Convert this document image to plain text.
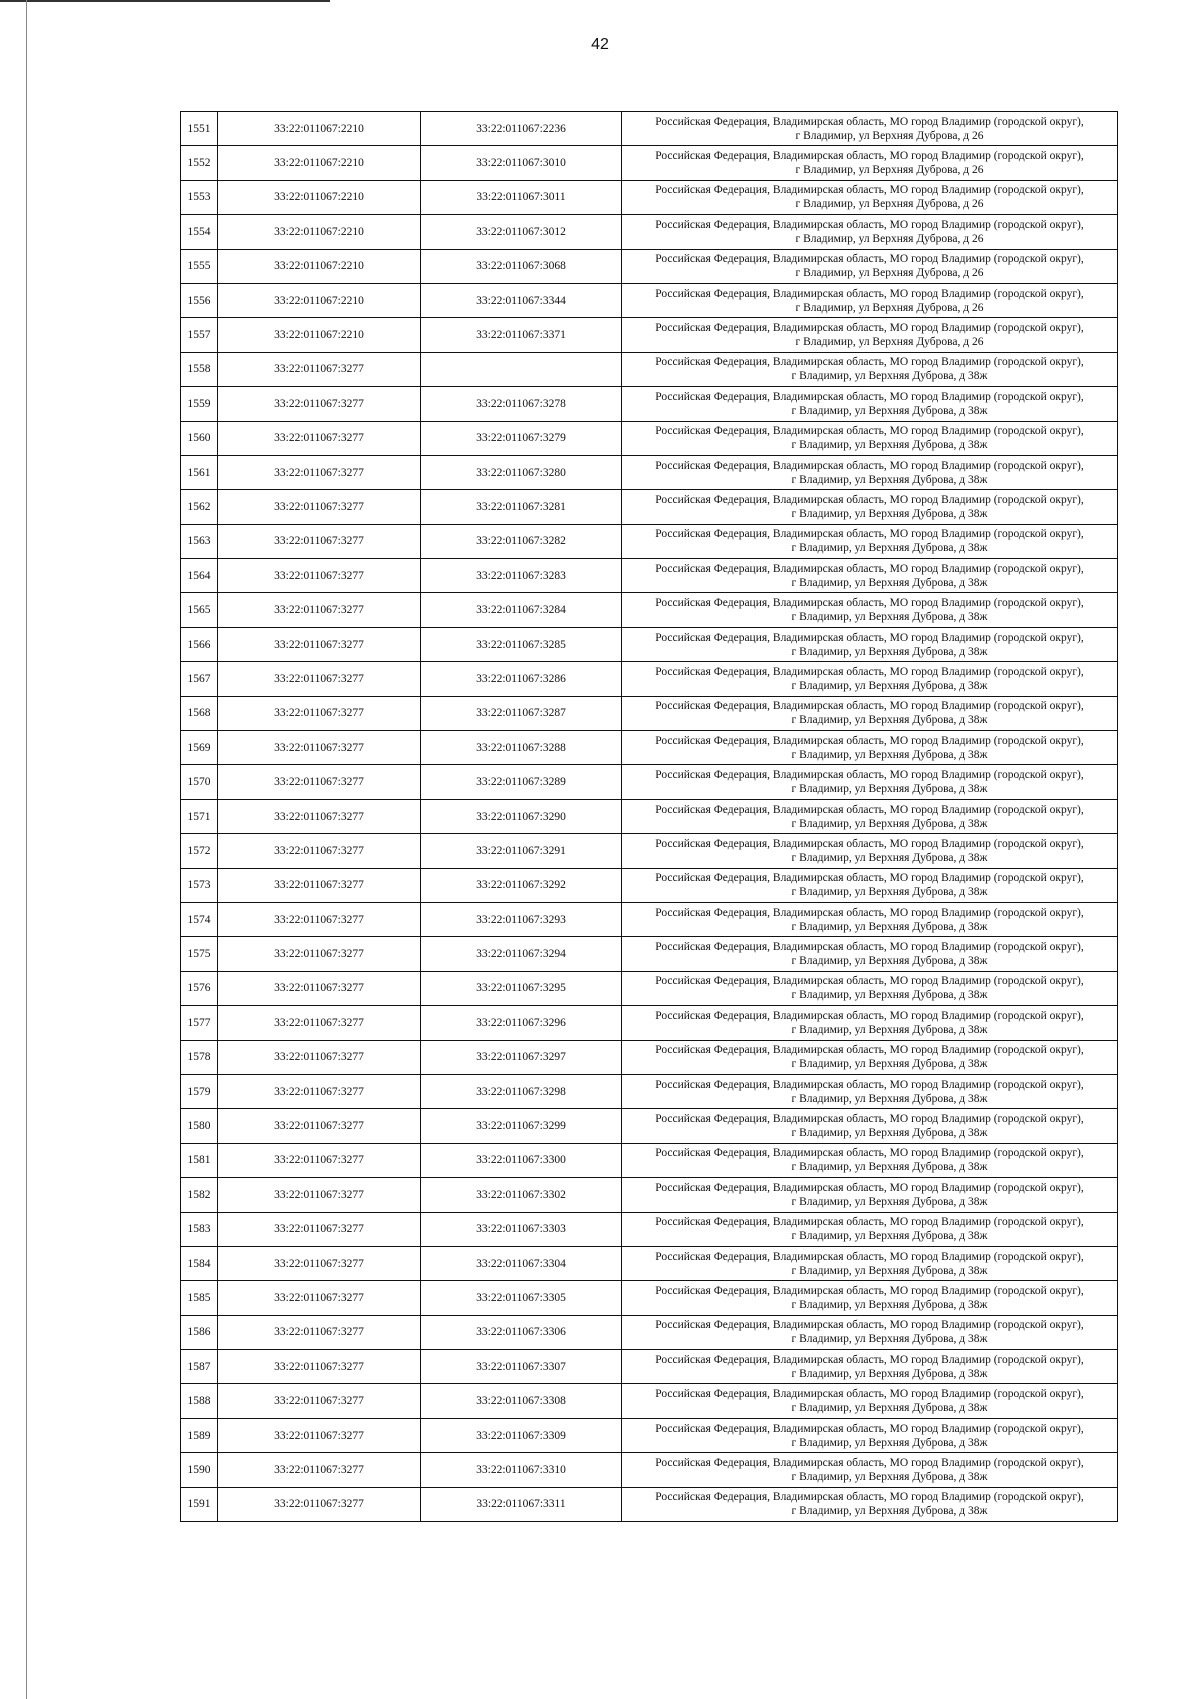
42
1551	33:22:011067:2210	33:22:011067:2236	Российская Федерация, Владимирская область, МО город Владимир (городской округ),
г Владимир, ул Верхняя Дуброва, д 26

1552	33:22:011067:2210	33:22:011067:3010	Российская Федерация, Владимирская область, МО город Владимир (городской округ),
г Владимир, ул Верхняя Дуброва, д 26

1553	33:22:011067:2210	33:22:011067:3011	Российская Федерация, Владимирская область, МО город Владимир (городской округ),
г Владимир, ул Верхняя Дуброва, д 26

1554	33:22:011067:2210	33:22:011067:3012	Российская Федерация, Владимирская область, МО город Владимир (городской округ),
г Владимир, ул Верхняя Дуброва, д 26

1555	33:22:011067:2210	33:22:011067:3068	Российская Федерация, Владимирская область, МО город Владимир (городской округ),
г Владимир, ул Верхняя Дуброва, д 26

1556	33:22:011067:2210	33:22:011067:3344	Российская Федерация, Владимирская область, МО город Владимир (городской округ),
г Владимир, ул Верхняя Дуброва, д 26

1557	33:22:011067:2210	33:22:011067:3371	Российская Федерация, Владимирская область, МО город Владимир (городской округ),
г Владимир, ул Верхняя Дуброва, д 26

1558	33:22:011067:3277		Российская Федерация, Владимирская область, МО город Владимир (городской округ),
г Владимир, ул Верхняя Дуброва, д 38ж

1559	33:22:011067:3277	33:22:011067:3278	Российская Федерация, Владимирская область, МО город Владимир (городской округ),
г Владимир, ул Верхняя Дуброва, д 38ж

1560	33:22:011067:3277	33:22:011067:3279	Российская Федерация, Владимирская область, МО город Владимир (городской округ),
г Владимир, ул Верхняя Дуброва, д 38ж

1561	33:22:011067:3277	33:22:011067:3280	Российская Федерация, Владимирская область, МО город Владимир (городской округ),
г Владимир, ул Верхняя Дуброва, д 38ж

1562	33:22:011067:3277	33:22:011067:3281	Российская Федерация, Владимирская область, МО город Владимир (городской округ),
г Владимир, ул Верхняя Дуброва, д 38ж

1563	33:22:011067:3277	33:22:011067:3282	Российская Федерация, Владимирская область, МО город Владимир (городской округ),
г Владимир, ул Верхняя Дуброва, д 38ж

1564	33:22:011067:3277	33:22:011067:3283	Российская Федерация, Владимирская область, МО город Владимир (городской округ),
г Владимир, ул Верхняя Дуброва, д 38ж

1565	33:22:011067:3277	33:22:011067:3284	Российская Федерация, Владимирская область, МО город Владимир (городской округ),
г Владимир, ул Верхняя Дуброва, д 38ж

1566	33:22:011067:3277	33:22:011067:3285	Российская Федерация, Владимирская область, МО город Владимир (городской округ),
г Владимир, ул Верхняя Дуброва, д 38ж

1567	33:22:011067:3277	33:22:011067:3286	Российская Федерация, Владимирская область, МО город Владимир (городской округ),
г Владимир, ул Верхняя Дуброва, д 38ж

1568	33:22:011067:3277	33:22:011067:3287	Российская Федерация, Владимирская область, МО город Владимир (городской округ),
г Владимир, ул Верхняя Дуброва, д 38ж

1569	33:22:011067:3277	33:22:011067:3288	Российская Федерация, Владимирская область, МО город Владимир (городской округ),
г Владимир, ул Верхняя Дуброва, д 38ж

1570	33:22:011067:3277	33:22:011067:3289	Российская Федерация, Владимирская область, МО город Владимир (городской округ),
г Владимир, ул Верхняя Дуброва, д 38ж

1571	33:22:011067:3277	33:22:011067:3290	Российская Федерация, Владимирская область, МО город Владимир (городской округ),
г Владимир, ул Верхняя Дуброва, д 38ж

1572	33:22:011067:3277	33:22:011067:3291	Российская Федерация, Владимирская область, МО город Владимир (городской округ),
г Владимир, ул Верхняя Дуброва, д 38ж

1573	33:22:011067:3277	33:22:011067:3292	Российская Федерация, Владимирская область, МО город Владимир (городской округ),
г Владимир, ул Верхняя Дуброва, д 38ж

1574	33:22:011067:3277	33:22:011067:3293	Российская Федерация, Владимирская область, МО город Владимир (городской округ),
г Владимир, ул Верхняя Дуброва, д 38ж

1575	33:22:011067:3277	33:22:011067:3294	Российская Федерация, Владимирская область, МО город Владимир (городской округ),
г Владимир, ул Верхняя Дуброва, д 38ж

1576	33:22:011067:3277	33:22:011067:3295	Российская Федерация, Владимирская область, МО город Владимир (городской округ),
г Владимир, ул Верхняя Дуброва, д 38ж

1577	33:22:011067:3277	33:22:011067:3296	Российская Федерация, Владимирская область, МО город Владимир (городской округ),
г Владимир, ул Верхняя Дуброва, д 38ж

1578	33:22:011067:3277	33:22:011067:3297	Российская Федерация, Владимирская область, МО город Владимир (городской округ),
г Владимир, ул Верхняя Дуброва, д 38ж

1579	33:22:011067:3277	33:22:011067:3298	Российская Федерация, Владимирская область, МО город Владимир (городской округ),
г Владимир, ул Верхняя Дуброва, д 38ж

1580	33:22:011067:3277	33:22:011067:3299	Российская Федерация, Владимирская область, МО город Владимир (городской округ),
г Владимир, ул Верхняя Дуброва, д 38ж

1581	33:22:011067:3277	33:22:011067:3300	Российская Федерация, Владимирская область, МО город Владимир (городской округ),
г Владимир, ул Верхняя Дуброва, д 38ж

1582	33:22:011067:3277	33:22:011067:3302	Российская Федерация, Владимирская область, МО город Владимир (городской округ),
г Владимир, ул Верхняя Дуброва, д 38ж

1583	33:22:011067:3277	33:22:011067:3303	Российская Федерация, Владимирская область, МО город Владимир (городской округ),
г Владимир, ул Верхняя Дуброва, д 38ж

1584	33:22:011067:3277	33:22:011067:3304	Российская Федерация, Владимирская область, МО город Владимир (городской округ),
г Владимир, ул Верхняя Дуброва, д 38ж

1585	33:22:011067:3277	33:22:011067:3305	Российская Федерация, Владимирская область, МО город Владимир (городской округ),
г Владимир, ул Верхняя Дуброва, д 38ж

1586	33:22:011067:3277	33:22:011067:3306	Российская Федерация, Владимирская область, МО город Владимир (городской округ),
г Владимир, ул Верхняя Дуброва, д 38ж

1587	33:22:011067:3277	33:22:011067:3307	Российская Федерация, Владимирская область, МО город Владимир (городской округ),
г Владимир, ул Верхняя Дуброва, д 38ж

1588	33:22:011067:3277	33:22:011067:3308	Российская Федерация, Владимирская область, МО город Владимир (городской округ),
г Владимир, ул Верхняя Дуброва, д 38ж

1589	33:22:011067:3277	33:22:011067:3309	Российская Федерация, Владимирская область, МО город Владимир (городской округ),
г Владимир, ул Верхняя Дуброва, д 38ж

1590	33:22:011067:3277	33:22:011067:3310	Российская Федерация, Владимирская область, МО город Владимир (городской округ),
г Владимир, ул Верхняя Дуброва, д 38ж

1591	33:22:011067:3277	33:22:011067:3311	Российская Федерация, Владимирская область, МО город Владимир (городской округ),
г Владимир, ул Верхняя Дуброва, д 38ж
